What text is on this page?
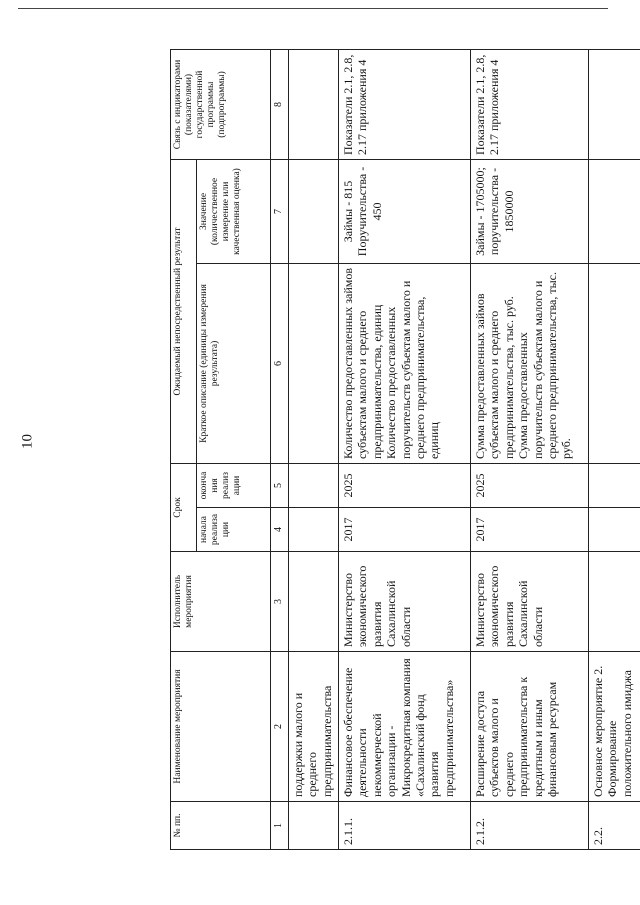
10
№ пп.	Наименование мероприятия	Исполнитель мероприятия	Срок		Ожидаемый непосредственный результат		Связь с индикаторами (показателями) государственной программы (подпрограммы)
			начала реализа ции	оконча ния реализ ации	Краткое описание (единицы измерения результата)	Значение (количественное измерение или качественная оценка)	
1	2	3	4	5	6	7	8
	поддержки малого и среднего предпринимательства						
2.1.1.	Финансовое обеспечение деятельности некоммерческой организации - Микрокредитная компания «Сахалинский фонд развития предпринимательства»	Министерство экономического развития Сахалинской области	2017	2025	Количество предоставленных займов субъектам малого и среднего предпринимательства, единиц Количество предоставленных поручительств субъектам малого и среднего предпринимательства, единиц	Займы - 815 Поручительства - 450	Показатели 2.1, 2.8, 2.17 приложения 4
2.1.2.	Расширение доступа субъектов малого и среднего предпринимательства к кредитным и иным финансовым ресурсам	Министерство экономического развития Сахалинской области	2017	2025	Сумма предоставленных займов субъектам малого и среднего предпринимательства, тыс. руб. Сумма предоставленных поручительств субъектам малого и среднего предпринимательства, тыс. руб.	Займы - 1705000; поручительства - 1850000	Показатели 2.1, 2.8, 2.17 приложения 4
2.2.	Основное мероприятие 2. Формирование положительного имиджа						
